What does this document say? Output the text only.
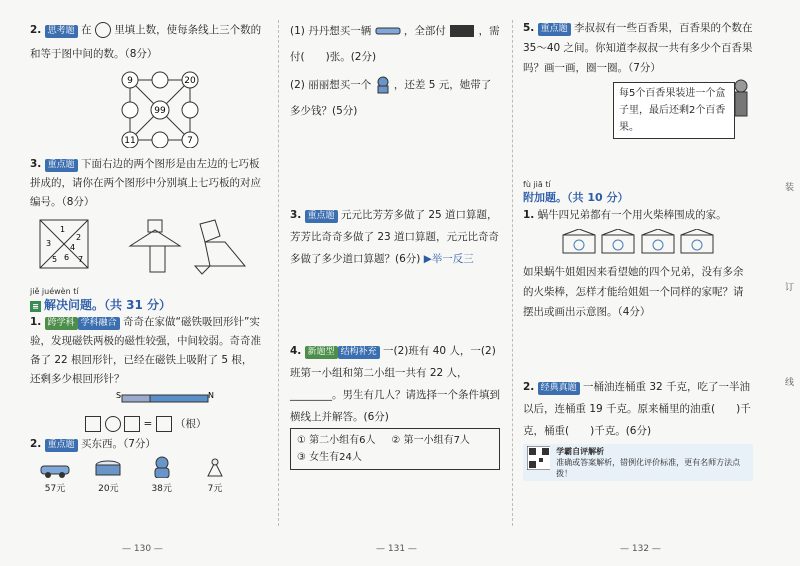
2. 思考题 在 里填上数，使每条线上三个数的和等于图中间的数。（8分）
9	20
99
11	7
3. 重点题 下面右边的两个图形是由左边的七巧板拼成的，请你在两个图形中分别填上七巧板的对应编号。（8分）
1
2
3 4
5 6 7
jiě juéwèn tí
≡ 解决问题。（共 31 分）
1. 跨学科 学科融合 奇奇在家做“磁铁吸回形针”实验，发现磁铁两极的磁性较强，中间较弱。奇奇准备了 22 根回形针，已经在磁铁上吸附了 5 根，还剩多少根回形针？
S	N
=  （根）
2. 重点题 买东西。（7分）
57元
	20元
	38元
	7元
(1) 丹丹想买一辆	，全部付	，需 付(　　)张。(2分)
(2) 丽丽想买一个 ，还差 5 元，她带了多少钱？(5分)
3. 重点题 元元比芳芳多做了 25 道口算题，芳芳比奇奇多做了 23 道口算题，元元比奇奇多做了多少道口算题？(6分) ▶举一反三
4. 新题型 结构补充 一(2)班有 40 人，一(2)班第一小组和第二小组一共有 22 人，________。男生有几人？请选择一个条件填到横线上并解答。(6分)
① 第二小组有6人 ② 第一小组有7人
③ 女生有24人
5. 重点题 李叔叔有一些百香果，百香果的个数在 35～40 之间。你知道李叔叔一共有多少个百香果吗？画一画，圈一圈。（7分）
每5个百香果装进一个盒子里，最后还剩2个百香果。
fù jiā tí
附加题。（共 10 分）
1. 蜗牛四兄弟都有一个用火柴棒围成的家。

如果蜗牛姐姐因来看望她的四个兄弟，没有多余的火柴棒，怎样才能给姐姐一个同样的家呢？请摆出或画出示意图。（4分）
2. 经典真题 一桶油连桶重 32 千克，吃了一半油以后，连桶重 19 千克。原来桶里的油重(　　)千克，桶重(　　)千克。(6分)
学霸自评解析
准确或答案解析，错例化评价标准，更有名师方法点拨！
装
订
线
— 130 —	— 131 —	— 132 —
